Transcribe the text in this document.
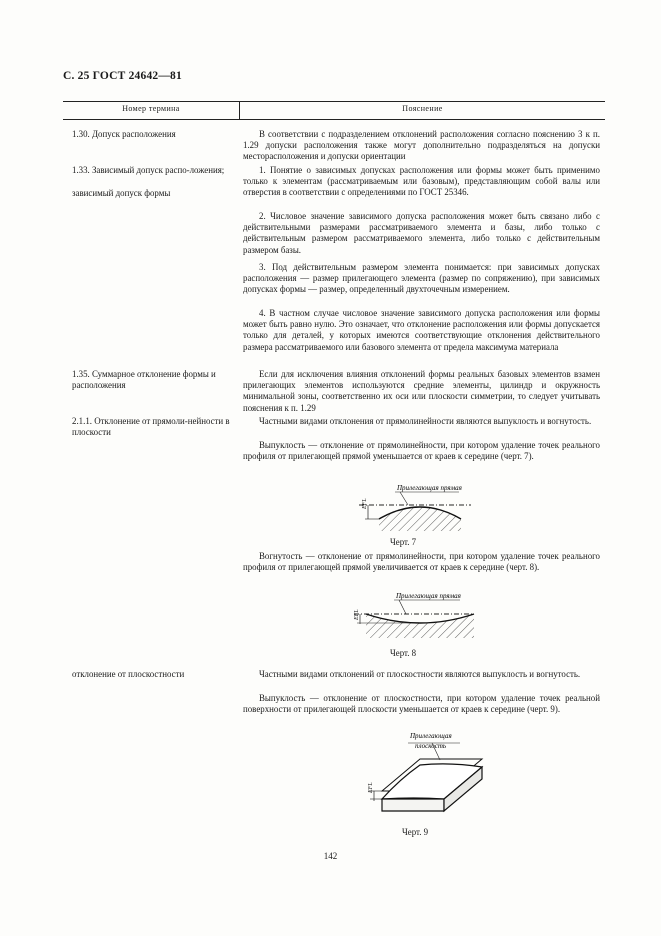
С. 25 ГОСТ 24642—81
Номер термина	Пояснение
1.30. Допуск расположения
1.33. Зависимый допуск распо-ложения;
зависимый допуск формы
1.35. Суммарное отклонение формы и расположения
2.1.1. Отклонение от прямоли-нейности в плоскости
отклонение от плоскостности

В соответствии с подразделением отклонений расположения согласно пояснению 3 к п. 1.29 допуски расположения также могут дополнительно подразделяться на допуски месторасположения и допуски ориентации

1. Понятие о зависимых допусках расположения или формы может быть применимо только к элементам (рассматриваемым или базовым), представляющим собой валы или отверстия в соответствии с определениями по ГОСТ 25346.

2. Числовое значение зависимого допуска расположения может быть связано либо с действительными размерами рассматриваемого элемента и базы, либо только с действительным размером рассматриваемого элемента, либо только с действительным размером базы.

3. Под действительным размером элемента понимается: при зависимых допусках расположения — размер прилегающего элемента (размер по сопряжению), при зависимых допусках формы — размер, определенный двухточечным измерением.

4. В частном случае числовое значение зависимого допуска расположения или формы может быть равно нулю. Это означает, что отклонение расположения или формы допускается только для деталей, у которых имеются соответствующие отклонения действительного размера рассматриваемого или базового элемента от предела максимума материала

Если для исключения влияния отклонений формы реальных базовых элементов взамен прилегающих элементов используются средние элементы, цилиндр и окружность минимальной зоны, соответственно их оси или плоскости симметрии, то следует учитывать пояснения к п. 1.29

Частными видами отклонения от прямолинейности являются выпуклость и вогнутость.

Выпуклость — отклонение от прямолинейности, при котором удаление точек реального профиля от прилегающей прямой уменьшается от краев к середине (черт. 7).

EFL
Прилегающая прямая
Черт. 7

Вогнутость — отклонение от прямолинейности, при котором удаление точек реального профиля от прилегающей прямой увеличивается от краев к середине (черт. 8).

EFL
Прилегающая прямая
Черт. 8

Частными видами отклонений от плоскостности являются выпуклость и вогнутость.

Выпуклость — отклонение от плоскостности, при котором удаление точек реальной поверхности от прилегающей плоскости уменьшается от краев к середине (черт. 9).

EFL
Прилегающая
плоскость
Черт. 9
142
